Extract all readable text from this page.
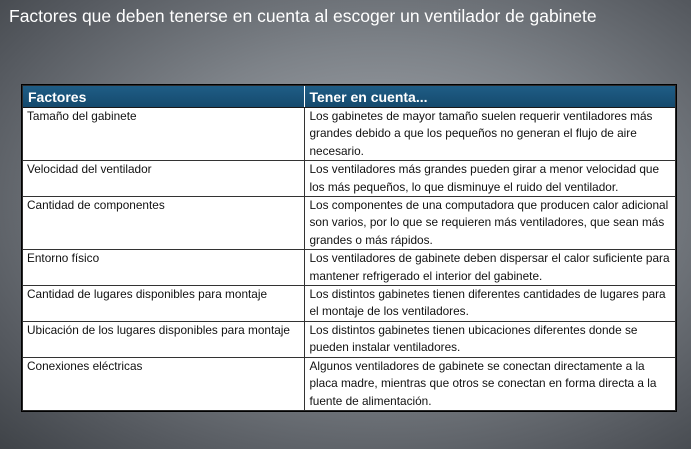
Factores que deben tenerse en cuenta al escoger un ventilador de gabinete
Factores	Tener en cuenta...
Tamaño del gabinete	Los gabinetes de mayor tamaño suelen requerir ventiladores más grandes debido a que los pequeños no generan el flujo de aire necesario.
Velocidad del ventilador	Los ventiladores más grandes pueden girar a menor velocidad que los más pequeños, lo que disminuye el ruido del ventilador.
Cantidad de componentes	Los componentes de una computadora que producen calor adicional son varios, por lo que se requieren más ventiladores, que sean más grandes o más rápidos.
Entorno físico	Los ventiladores de gabinete deben dispersar el calor suficiente para mantener refrigerado el interior del gabinete.
Cantidad de lugares disponibles para montaje	Los distintos gabinetes tienen diferentes cantidades de lugares para el montaje de los ventiladores.
Ubicación de los lugares disponibles para montaje	Los distintos gabinetes tienen ubicaciones diferentes donde se pueden instalar ventiladores.
Conexiones eléctricas	Algunos ventiladores de gabinete se conectan directamente a la placa madre, mientras que otros se conectan en forma directa a la fuente de alimentación.
